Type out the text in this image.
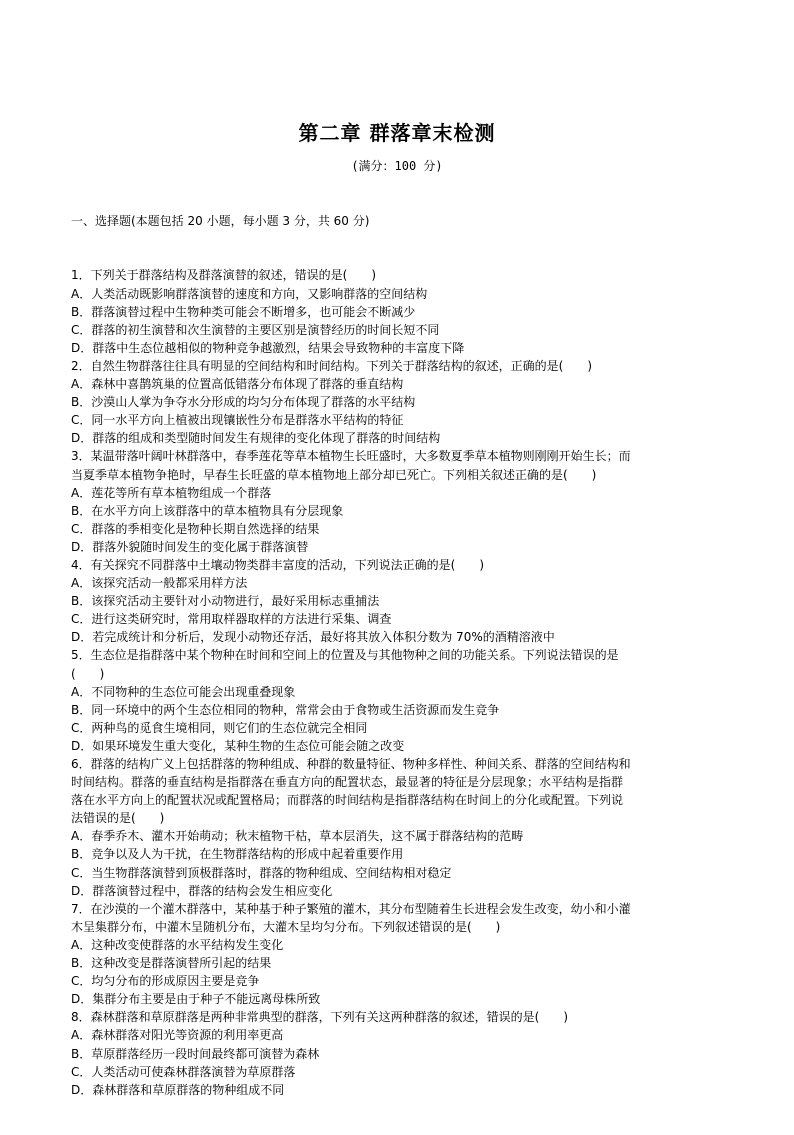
第二章 群落章末检测
(满分：100 分)

一、选择题(本题包括 20 小题，每小题 3 分，共 60 分)

1．下列关于群落结构及群落演替的叙述，错误的是(　　)
A．人类活动既影响群落演替的速度和方向，又影响群落的空间结构
B．群落演替过程中生物种类可能会不断增多，也可能会不断减少
C．群落的初生演替和次生演替的主要区别是演替经历的时间长短不同
D．群落中生态位越相似的物种竞争越激烈，结果会导致物种的丰富度下降
2．自然生物群落往往具有明显的空间结构和时间结构。下列关于群落结构的叙述，正确的是(　　)
A．森林中喜鹊筑巢的位置高低错落分布体现了群落的垂直结构
B．沙漠山人掌为争夺水分形成的均匀分布体现了群落的水平结构
C．同一水平方向上植被出现镶嵌性分布是群落水平结构的特征
D．群落的组成和类型随时间发生有规律的变化体现了群落的时间结构
3．某温带落叶阔叶林群落中，春季莲花等草本植物生长旺盛时，大多数夏季草本植物则刚刚开始生长；而
当夏季草本植物争艳时，早春生长旺盛的草本植物地上部分却已死亡。下列相关叙述正确的是(　　)
A．莲花等所有草本植物组成一个群落
B．在水平方向上该群落中的草本植物具有分层现象
C．群落的季相变化是物种长期自然选择的结果
D．群落外貌随时间发生的变化属于群落演替
4．有关探究不同群落中土壤动物类群丰富度的活动，下列说法正确的是(　　)
A．该探究活动一般都采用样方法
B．该探究活动主要针对小动物进行，最好采用标志重捕法
C．进行这类研究时，常用取样器取样的方法进行采集、调查
D．若完成统计和分析后，发现小动物还存活，最好将其放入体积分数为 70%的酒精溶液中
5．生态位是指群落中某个物种在时间和空间上的位置及与其他物种之间的功能关系。下列说法错误的是
(　　)
A．不同物种的生态位可能会出现重叠现象
B．同一环境中的两个生态位相同的物种，常常会由于食物或生活资源而发生竞争
C．两种鸟的觅食生境相同，则它们的生态位就完全相同
D．如果环境发生重大变化，某种生物的生态位可能会随之改变
6．群落的结构广义上包括群落的物种组成、种群的数量特征、物种多样性、种间关系、群落的空间结构和
时间结构。群落的垂直结构是指群落在垂直方向的配置状态，最显著的特征是分层现象；水平结构是指群
落在水平方向上的配置状况或配置格局；而群落的时间结构是指群落结构在时间上的分化或配置。下列说
法错误的是(　　)
A．春季乔木、灌木开始萌动；秋末植物干枯，草本层消失，这不属于群落结构的范畴
B．竞争以及人为干扰，在生物群落结构的形成中起着重要作用
C．当生物群落演替到顶极群落时，群落的物种组成、空间结构相对稳定
D．群落演替过程中，群落的结构会发生相应变化
7．在沙漠的一个灌木群落中，某种基于种子繁殖的灌木，其分布型随着生长进程会发生改变，幼小和小灌
木呈集群分布，中灌木呈随机分布，大灌木呈均匀分布。下列叙述错误的是(　　)
A．这种改变使群落的水平结构发生变化
B．这种改变是群落演替所引起的结果
C．均匀分布的形成原因主要是竞争
D．集群分布主要是由于种子不能远离母株所致
8．森林群落和草原群落是两种非常典型的群落，下列有关这两种群落的叙述，错误的是(　　)
A．森林群落对阳光等资源的利用率更高
B．草原群落经历一段时间最终都可演替为森林
C．人类活动可使森林群落演替为草原群落
D．森林群落和草原群落的物种组成不同
